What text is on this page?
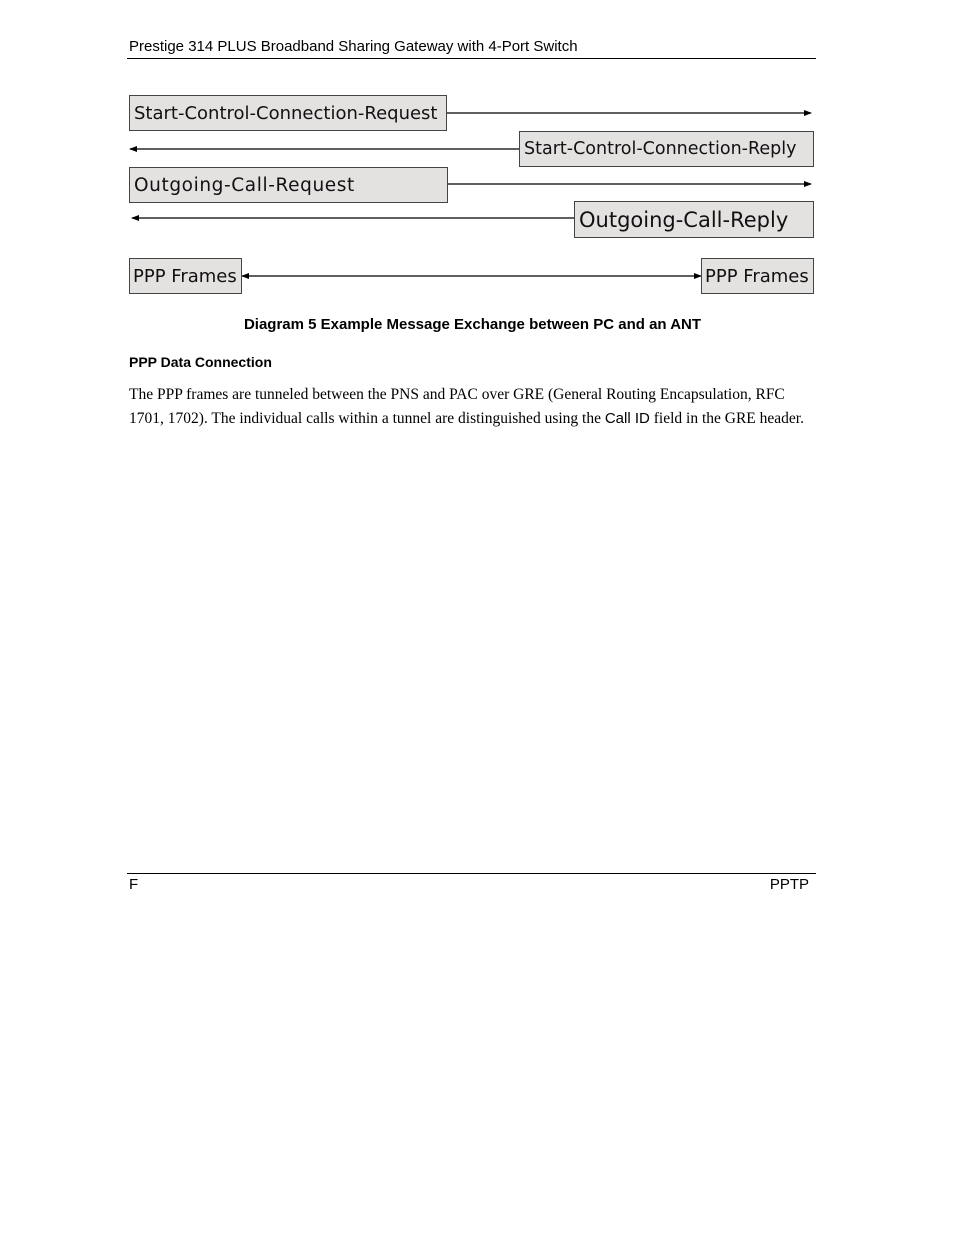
Prestige 314 PLUS Broadband Sharing Gateway with 4-Port Switch
Start-Control-Connection-Request
Start-Control-Connection-Reply
Outgoing-Call-Request
Outgoing-Call-Reply
PPP Frames	PPP Frames
Diagram 5 Example Message Exchange between PC and an ANT
PPP Data Connection
The PPP frames are tunneled between the PNS and PAC over GRE (General Routing Encapsulation, RFC 1701, 1702). The individual calls within a tunnel are distinguished using the Call ID field in the GRE header.
F	PPTP
